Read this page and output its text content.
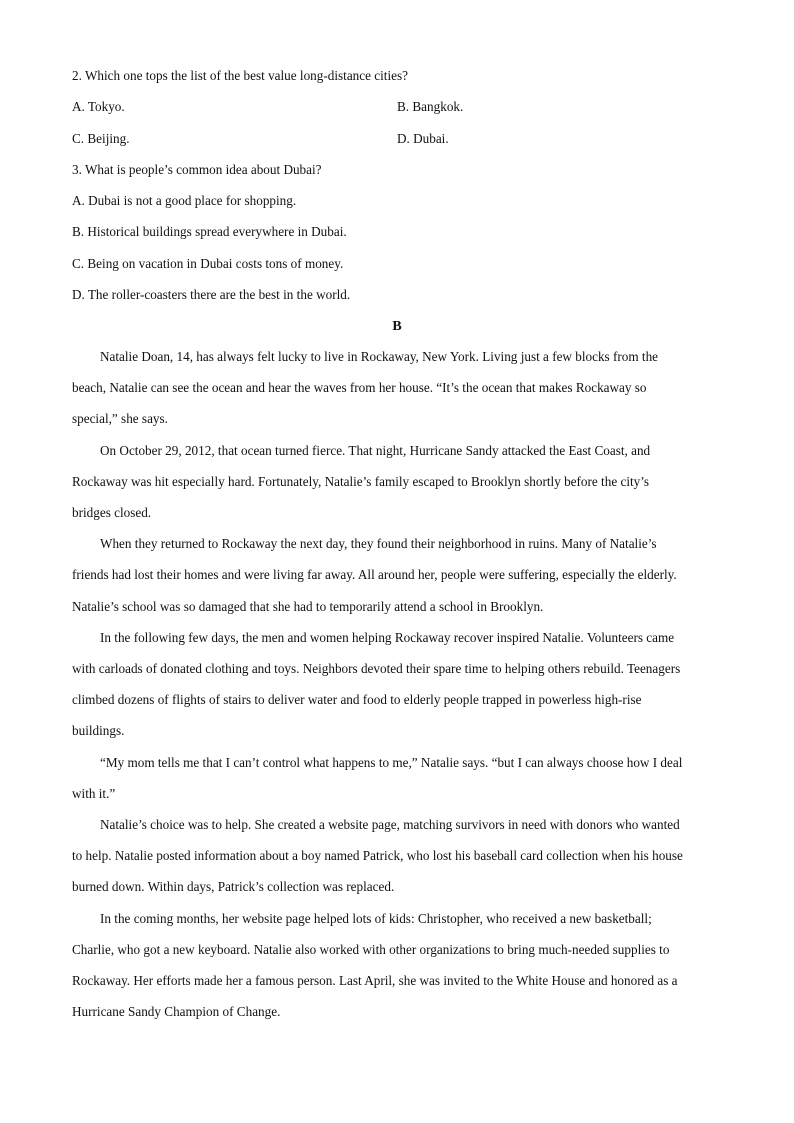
2. Which one tops the list of the best value long-distance cities?
A. Tokyo.	B. Bangkok.
C. Beijing.	D. Dubai.
3. What is people’s common idea about Dubai?
A. Dubai is not a good place for shopping.
B. Historical buildings spread everywhere in Dubai.
C. Being on vacation in Dubai costs tons of money.
D. The roller-coasters there are the best in the world.
B
Natalie Doan, 14, has always felt lucky to live in Rockaway, New York. Living just a few blocks from the
beach, Natalie can see the ocean and hear the waves from her house. “It’s the ocean that makes Rockaway so
special,” she says.
On October 29, 2012, that ocean turned fierce. That night, Hurricane Sandy attacked the East Coast, and
Rockaway was hit especially hard. Fortunately, Natalie’s family escaped to Brooklyn shortly before the city’s
bridges closed.
When they returned to Rockaway the next day, they found their neighborhood in ruins. Many of Natalie’s
friends had lost their homes and were living far away. All around her, people were suffering, especially the elderly.
Natalie’s school was so damaged that she had to temporarily attend a school in Brooklyn.
In the following few days, the men and women helping Rockaway recover inspired Natalie. Volunteers came
with carloads of donated clothing and toys. Neighbors devoted their spare time to helping others rebuild. Teenagers
climbed dozens of flights of stairs to deliver water and food to elderly people trapped in powerless high-rise
buildings.
“My mom tells me that I can’t control what happens to me,” Natalie says. “but I can always choose how I deal
with it.”
Natalie’s choice was to help. She created a website page, matching survivors in need with donors who wanted
to help. Natalie posted information about a boy named Patrick, who lost his baseball card collection when his house
burned down. Within days, Patrick’s collection was replaced.
In the coming months, her website page helped lots of kids: Christopher, who received a new basketball;
Charlie, who got a new keyboard. Natalie also worked with other organizations to bring much-needed supplies to
Rockaway. Her efforts made her a famous person. Last April, she was invited to the White House and honored as a
Hurricane Sandy Champion of Change.
